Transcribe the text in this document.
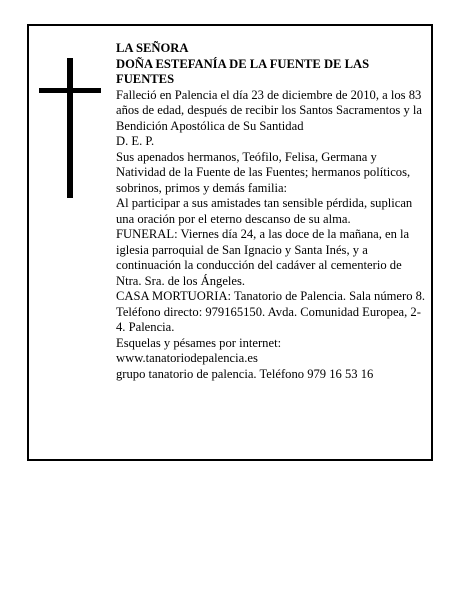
LA SEÑORA

DOÑA ESTEFANÍA DE LA FUENTE DE LAS FUENTES

Falleció en Palencia el día 23 de diciembre de 2010, a los 83 años de edad, después de recibir los Santos Sacramentos y la Bendición Apostólica de Su Santidad

D. E. P.

Sus apenados hermanos, Teófilo, Felisa, Germana y Natividad de la Fuente de las Fuentes; hermanos políticos, sobrinos, primos y demás familia:

Al participar a sus amistades tan sensible pérdida, suplican una oración por el eterno descanso de su alma.

FUNERAL: Viernes día 24, a las doce de la mañana, en la iglesia parroquial de San Ignacio y Santa Inés, y a continuación la conducción del cadáver al cementerio de Ntra. Sra. de los Ángeles.

CASA MORTUORIA: Tanatorio de Palencia. Sala número 8. Teléfono directo: 979165150. Avda. Comunidad Europea, 2-4. Palencia.

Esquelas y pésames por internet:

www.tanatoriodepalencia.es

grupo tanatorio de palencia. Teléfono 979 16 53 16
